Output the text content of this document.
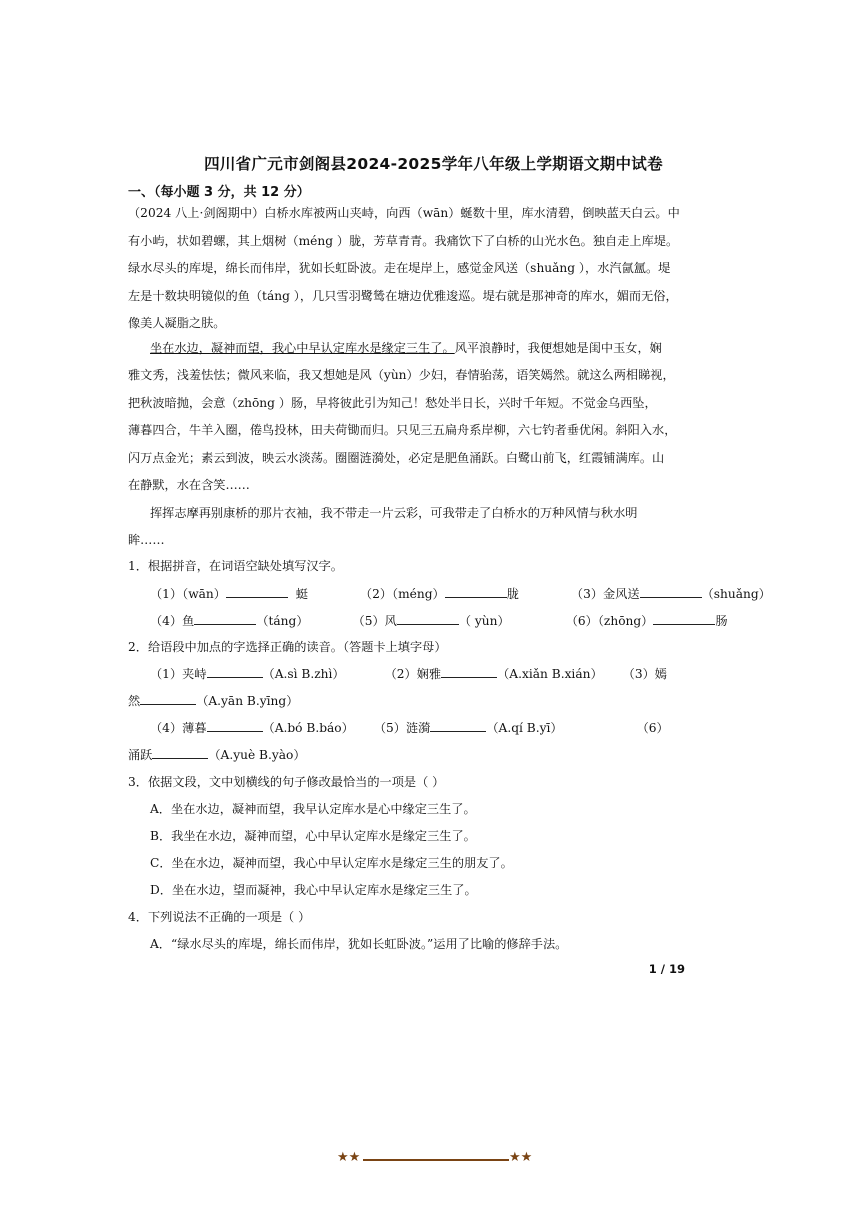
四川省广元市剑阁县2024-2025学年八年级上学期语文期中试卷
一、（每小题 3 分，共 12 分）
（2024 八上·剑阁期中）白桥水库被两山夹峙，向西（wān）蜒数十里，库水清碧，倒映蓝天白云。中
有小屿，状如碧螺，其上烟树（méng ）胧，芳草青青。我痛饮下了白桥的山光水色。独自走上库堤。
绿水尽头的库堤，绵长而伟岸，犹如长虹卧波。走在堤岸上，感觉金风送（shuǎng ），水汽氤氲。堤
左是十数块明镜似的鱼（táng ），几只雪羽鹭鸶在塘边优雅逡巡。堤右就是那神奇的库水，媚而无俗，
像美人凝脂之肤。
坐在水边，凝神而望，我心中早认定库水是缘定三生了。风平浪静时，我便想她是闺中玉女，娴
雅文秀，浅羞怯怯；微风来临，我又想她是风（yùn）少妇，春情骀荡，语笑嫣然。就这么两相睇视，
把秋波暗抛，会意（zhōng ）肠，早将彼此引为知己！愁处半日长，兴时千年短。不觉金乌西坠，
薄暮四合，牛羊入圈，倦鸟投林，田夫荷锄而归。只见三五扁舟系岸柳，六七钓者垂优闲。斜阳入水，
闪万点金光；素云到波，映云水淡荡。圈圈涟漪处，必定是肥鱼涌跃。白鹭山前飞，红霞铺满库。山
在静默，水在含笑……
挥挥志摩再别康桥的那片衣袖，我不带走一片云彩，可我带走了白桥水的万种风情与秋水明
眸……
1．根据拼音，在词语空缺处填写汉字。
（1）（wān）	蜓	（2）（méng）	胧	（3）金风送	（shuǎng）
（4）鱼	（táng）	（5）风	（ yùn）	（6）（zhōng）	肠
2．给语段中加点的字选择正确的读音。（答题卡上填字母）
（1）夹峙	（A.sì B.zhì）	（2）娴雅	（A.xiǎn B.xián） （3）嫣
然	（A.yān B.yīng）
（4）薄暮	（A.bó B.báo） （5）涟漪	（A.qí B.yī）	（6）
涌跃	（A.yuè B.yào）
3．依据文段，文中划横线的句子修改最恰当的一项是（ ）
A．坐在水边，凝神而望，我早认定库水是心中缘定三生了。
B．我坐在水边，凝神而望，心中早认定库水是缘定三生了。
C．坐在水边，凝神而望，我心中早认定库水是缘定三生的朋友了。
D．坐在水边，望而凝神，我心中早认定库水是缘定三生了。
4．下列说法不正确的一项是（ ）
A．“绿水尽头的库堤，绵长而伟岸，犹如长虹卧波。”运用了比喻的修辞手法。
1 / 19
★★	★★
